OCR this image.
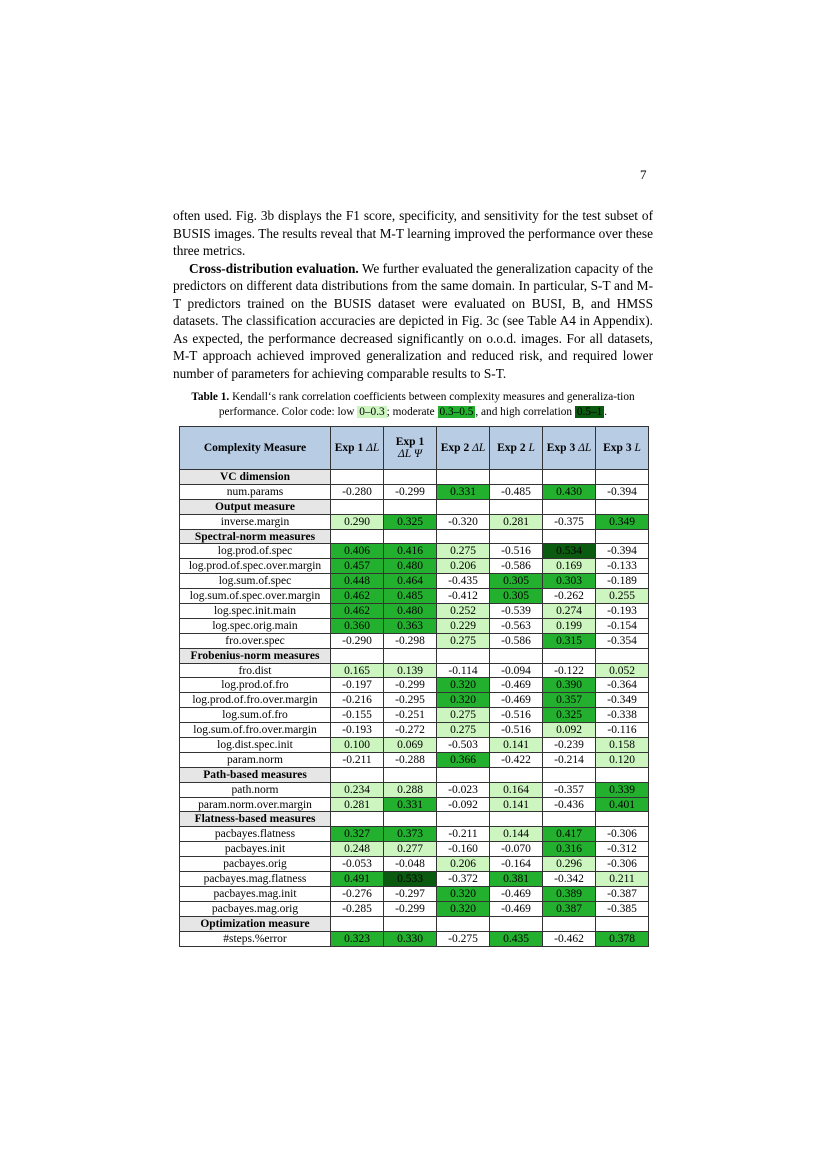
7

often used. Fig. 3b displays the F1 score, specificity, and sensitivity for the test subset of BUSIS images. The results reveal that M-T learning improved the performance over these three metrics.

Cross-distribution evaluation. We further evaluated the generalization capacity of the predictors on different data distributions from the same domain. In particular, S-T and M-T predictors trained on the BUSIS dataset were evaluated on BUSI, B, and HMSS datasets. The classification accuracies are depicted in Fig. 3c (see Table A4 in Appendix). As expected, the performance decreased significantly on o.o.d. images. For all datasets, M-T approach achieved improved generalization and reduced risk, and required lower number of parameters for achieving comparable results to S-T.

Table 1. Kendall‘s rank correlation coefficients between complexity measures and generaliza-tion performance. Color code: low 0–0.3 ; moderate 0.3–0.5 , and high correlation 0.5–1 .
Complexity Measure	Exp 1 ΔL	Exp 1
ΔL Ψ	Exp 2 ΔL	Exp 2 L	Exp 3 ΔL	Exp 3 L
VC dimension						
num.params	-0.280	-0.299	0.331	-0.485	0.430	-0.394
Output measure						
inverse.margin	0.290	0.325	-0.320	0.281	-0.375	0.349
Spectral-norm measures						
log.prod.of.spec	0.406	0.416	0.275	-0.516	0.534	-0.394
log.prod.of.spec.over.margin	0.457	0.480	0.206	-0.586	0.169	-0.133
log.sum.of.spec	0.448	0.464	-0.435	0.305	0.303	-0.189
log.sum.of.spec.over.margin	0.462	0.485	-0.412	0.305	-0.262	0.255
log.spec.init.main	0.462	0.480	0.252	-0.539	0.274	-0.193
log.spec.orig.main	0.360	0.363	0.229	-0.563	0.199	-0.154
fro.over.spec	-0.290	-0.298	0.275	-0.586	0.315	-0.354
Frobenius-norm measures						
fro.dist	0.165	0.139	-0.114	-0.094	-0.122	0.052
log.prod.of.fro	-0.197	-0.299	0.320	-0.469	0.390	-0.364
log.prod.of.fro.over.margin	-0.216	-0.295	0.320	-0.469	0.357	-0.349
log.sum.of.fro	-0.155	-0.251	0.275	-0.516	0.325	-0.338
log.sum.of.fro.over.margin	-0.193	-0.272	0.275	-0.516	0.092	-0.116
log.dist.spec.init	0.100	0.069	-0.503	0.141	-0.239	0.158
param.norm	-0.211	-0.288	0.366	-0.422	-0.214	0.120
Path-based measures						
path.norm	0.234	0.288	-0.023	0.164	-0.357	0.339
param.norm.over.margin	0.281	0.331	-0.092	0.141	-0.436	0.401
Flatness-based measures						
pacbayes.flatness	0.327	0.373	-0.211	0.144	0.417	-0.306
pacbayes.init	0.248	0.277	-0.160	-0.070	0.316	-0.312
pacbayes.orig	-0.053	-0.048	0.206	-0.164	0.296	-0.306
pacbayes.mag.flatness	0.491	0.533	-0.372	0.381	-0.342	0.211
pacbayes.mag.init	-0.276	-0.297	0.320	-0.469	0.389	-0.387
pacbayes.mag.orig	-0.285	-0.299	0.320	-0.469	0.387	-0.385
Optimization measure						
#steps.%error	0.323	0.330	-0.275	0.435	-0.462	0.378
